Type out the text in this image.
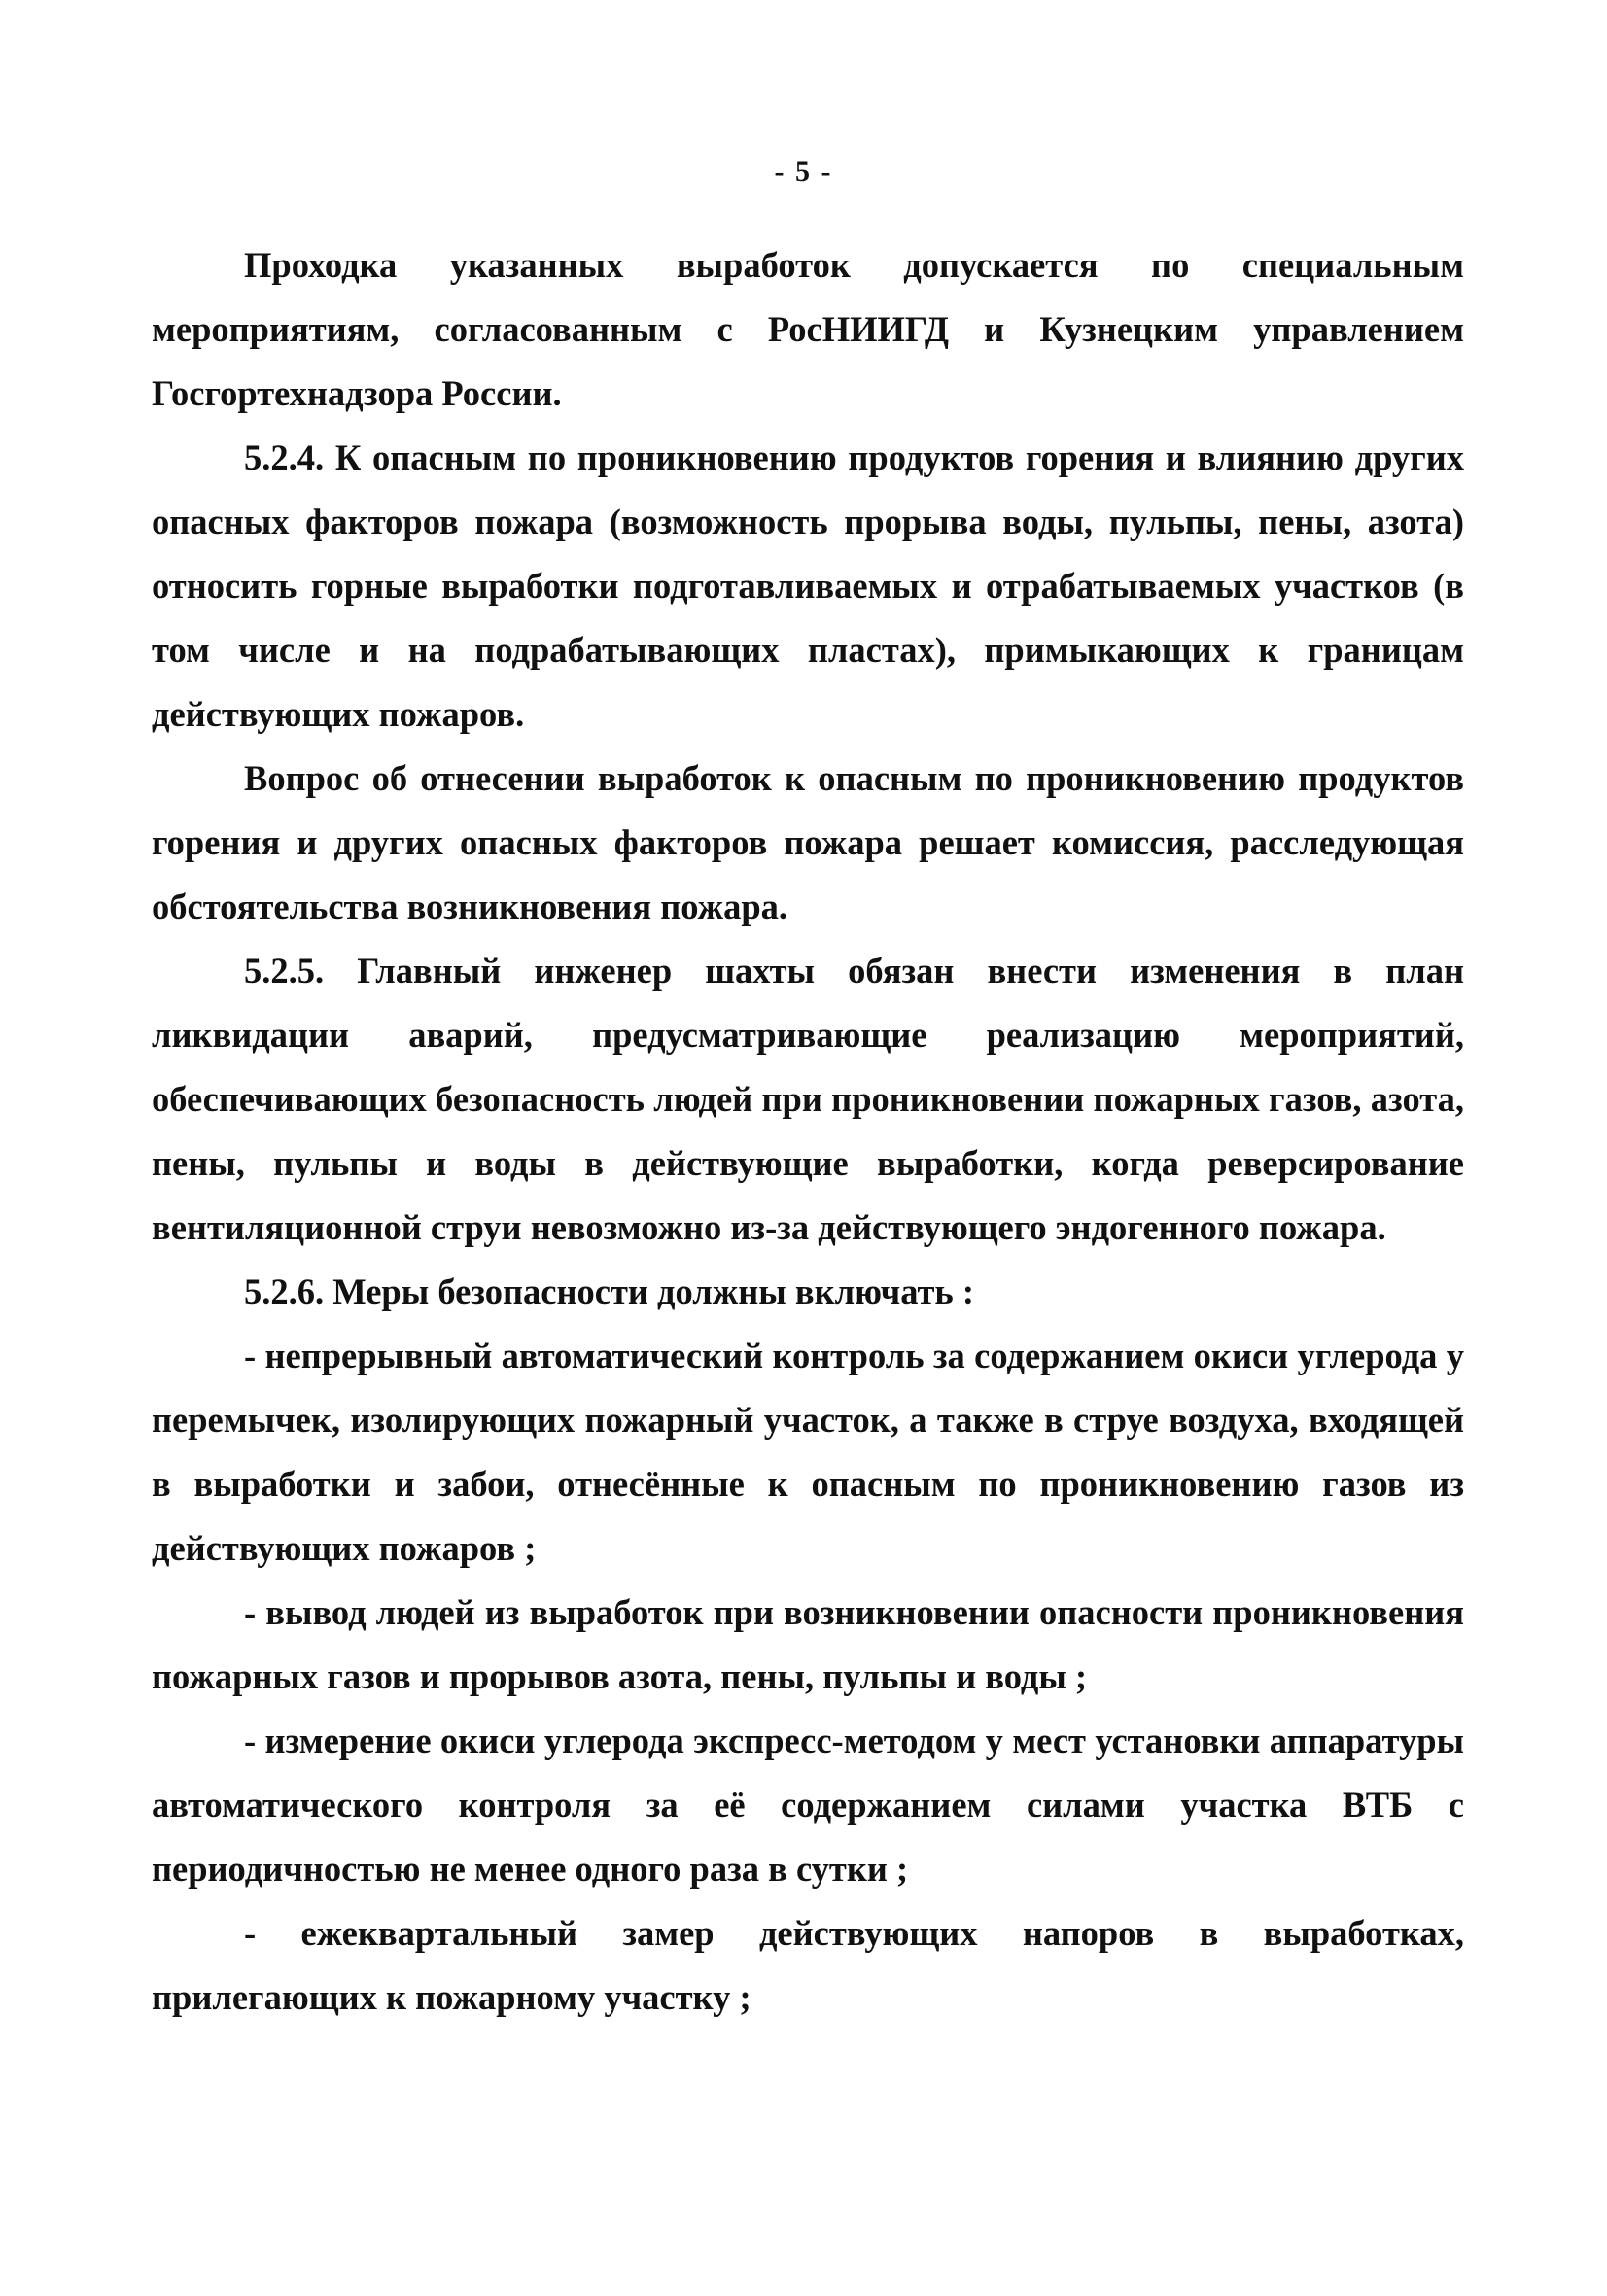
- 5 -

Проходка указанных выработок допускается по специальным мероприятиям, согласованным с РосНИИГД и Кузнецким управлением Госгортехнадзора России.

5.2.4. К опасным по проникновению продуктов горения и влиянию других опасных факторов пожара (возможность прорыва воды, пульпы, пены, азота) относить горные выработки подготавливаемых и отрабатываемых участков (в том числе и на подрабатывающих пластах), примыкающих к границам действующих пожаров.

Вопрос об отнесении выработок к опасным по проникновению продуктов горения и других опасных факторов пожара решает комиссия, расследующая обстоятельства возникновения пожара.

5.2.5. Главный инженер шахты обязан внести изменения в план ликвидации аварий, предусматривающие реализацию мероприятий, обеспечивающих безопасность людей при проникновении пожарных газов, азота, пены, пульпы и воды в действующие выработки, когда реверсирование вентиляционной струи невозможно из-за действующего эндогенного пожара.

5.2.6. Меры безопасности должны включать :

- непрерывный автоматический контроль за содержанием окиси углерода у перемычек, изолирующих пожарный участок, а также в струе воздуха, входящей в выработки и забои, отнесённые к опасным по проникновению газов из действующих пожаров ;

- вывод людей из выработок при возникновении опасности проникновения пожарных газов и прорывов азота, пены, пульпы и воды ;

- измерение окиси углерода экспресс-методом у мест установки аппаратуры автоматического контроля за её содержанием силами участка ВТБ с периодичностью не менее одного раза в сутки ;

- ежеквартальный замер действующих напоров в выработках, прилегающих к пожарному участку ;
